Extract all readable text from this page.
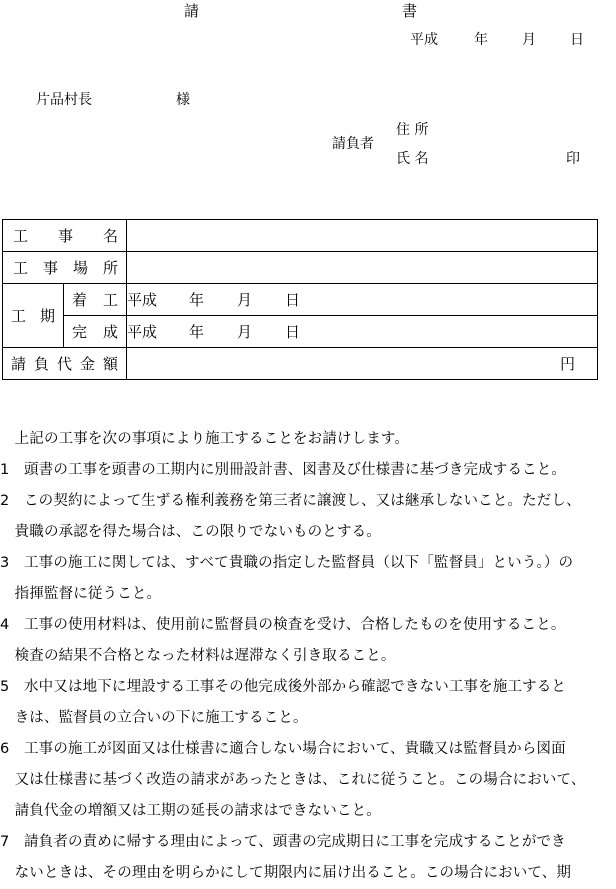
請	書
平成	年 月 日
片品村長	様
請負者
住 所
氏 名	印
工 事 名		

工 事 場 所		

工 期	着 工	平成 年 月 日

	完 成	平成 年 月 日

請 負 代 金 額		円

　上記の工事を次の事項により施工することをお請けします。

1　頭書の工事を頭書の工期内に別冊設計書、図書及び仕様書に基づき完成すること。

2　この契約によって生ずる権利義務を第三者に譲渡し、又は継承しないこと。ただし、

　貴職の承認を得た場合は、この限りでないものとする。

3　工事の施工に関しては、すべて貴職の指定した監督員（以下「監督員」という。）の

　指揮監督に従うこと。

4　工事の使用材料は、使用前に監督員の検査を受け、合格したものを使用すること。

　検査の結果不合格となった材料は遅滞なく引き取ること。

5　水中又は地下に埋設する工事その他完成後外部から確認できない工事を施工すると

　きは、監督員の立合いの下に施工すること。

6　工事の施工が図面又は仕様書に適合しない場合において、貴職又は監督員から図面

　又は仕様書に基づく改造の請求があったときは、これに従うこと。この場合において、

　請負代金の増額又は工期の延長の請求はできないこと。

7　請負者の責めに帰する理由によって、頭書の完成期日に工事を完成することができ

　ないときは、その理由を明らかにして期限内に届け出ること。この場合において、期
